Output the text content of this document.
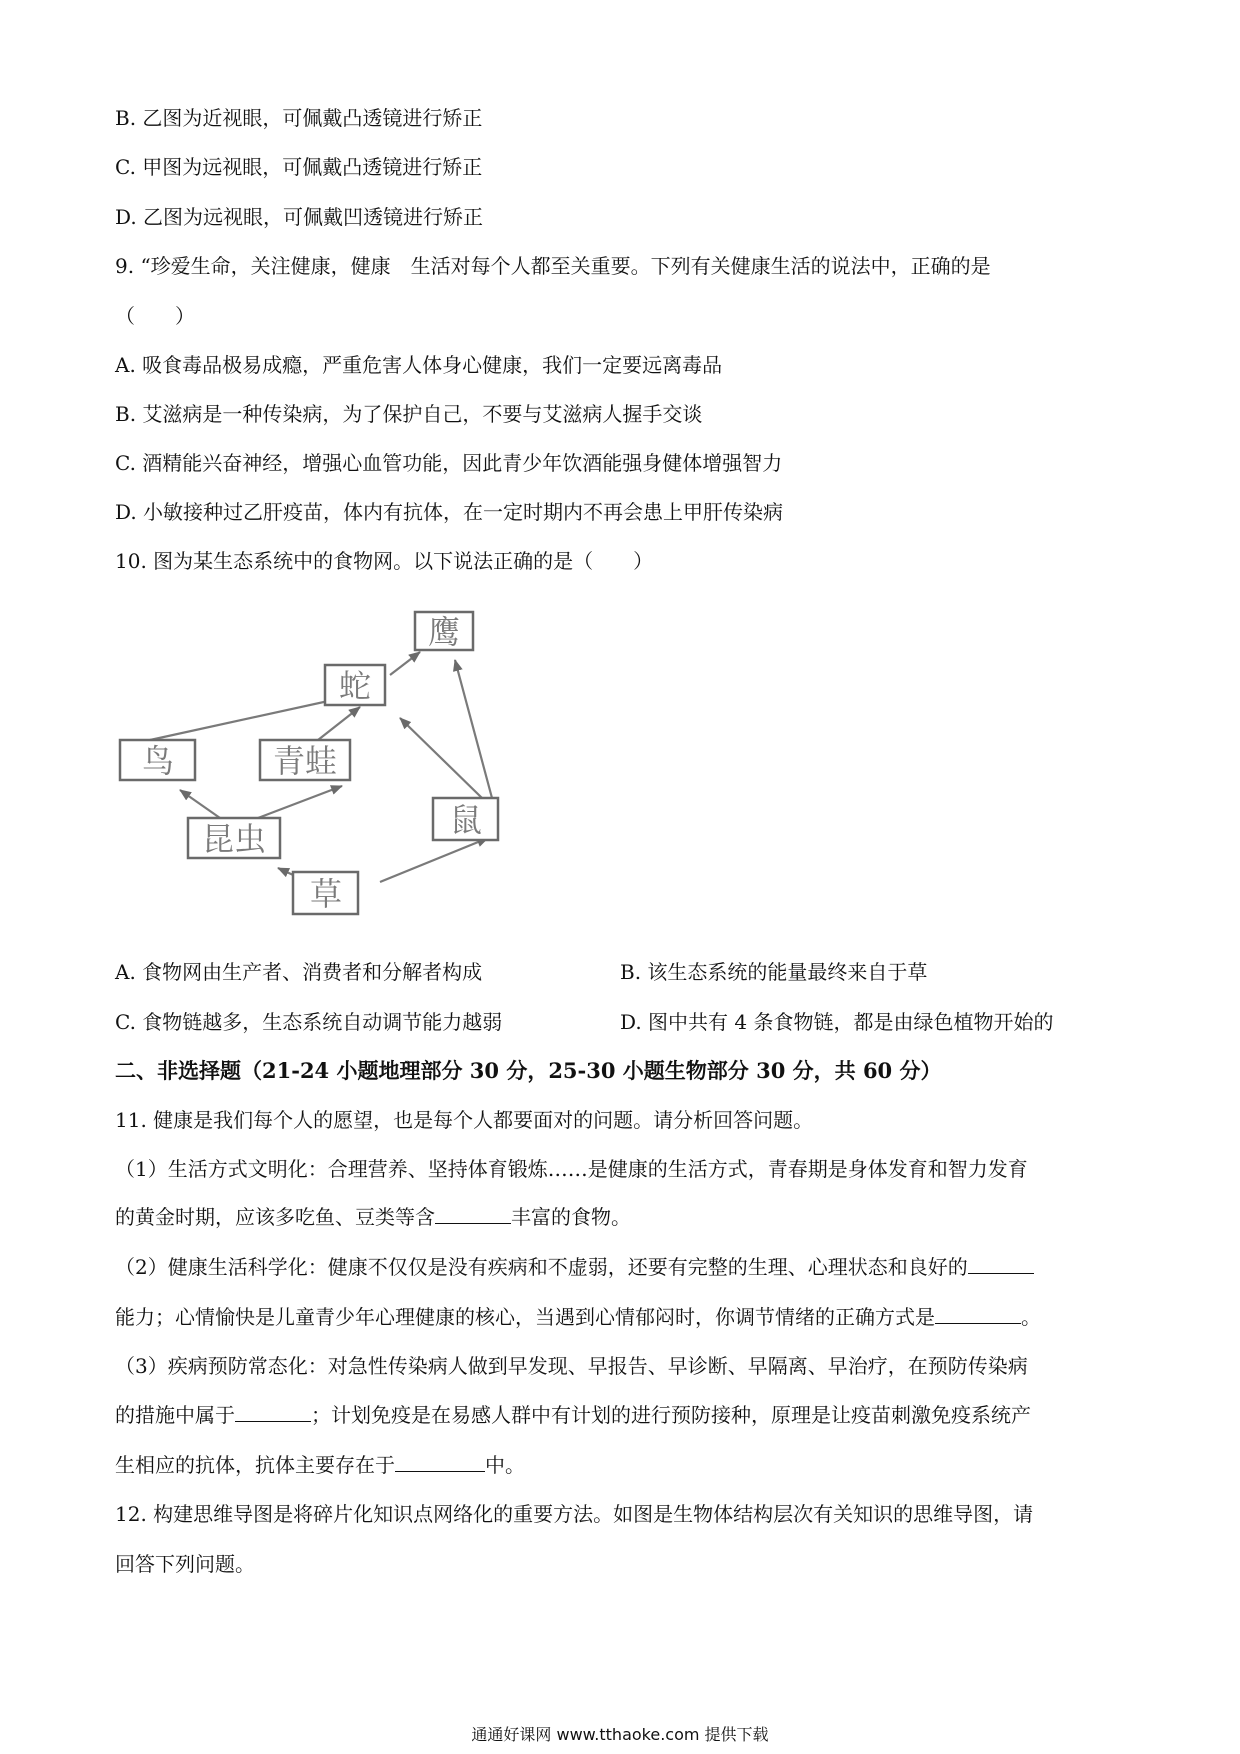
B. 乙图为近视眼，可佩戴凸透镜进行矫正
C. 甲图为远视眼，可佩戴凸透镜进行矫正
D. 乙图为远视眼，可佩戴凹透镜进行矫正
9. “珍爱生命，关注健康，健康　生活对每个人都至关重要。下列有关健康生活的说法中，正确的是
（　　）
A. 吸食毒品极易成瘾，严重危害人体身心健康，我们一定要远离毒品
B. 艾滋病是一种传染病，为了保护自己，不要与艾滋病人握手交谈
C. 酒精能兴奋神经，增强心血管功能，因此青少年饮酒能强身健体增强智力
D. 小敏接种过乙肝疫苗，体内有抗体，在一定时期内不再会患上甲肝传染病
10. 图为某生态系统中的食物网。以下说法正确的是（　　）
鹰
蛇
鸟	青蛙
昆虫	鼠
草
A. 食物网由生产者、消费者和分解者构成	B. 该生态系统的能量最终来自于草
C. 食物链越多，生态系统自动调节能力越弱	D. 图中共有 4 条食物链，都是由绿色植物开始的
二、非选择题（21-24 小题地理部分 30 分，25-30 小题生物部分 30 分，共 60 分）
11. 健康是我们每个人的愿望，也是每个人都要面对的问题。请分析回答问题。
（1）生活方式文明化：合理营养、坚持体育锻炼……是健康的生活方式，青春期是身体发育和智力发育
的黄金时期，应该多吃鱼、豆类等含	丰富的食物。
（2）健康生活科学化：健康不仅仅是没有疾病和不虚弱，还要有完整的生理、心理状态和良好的
能力；心情愉快是儿童青少年心理健康的核心，当遇到心情郁闷时，你调节情绪的正确方式是	。
（3）疾病预防常态化：对急性传染病人做到早发现、早报告、早诊断、早隔离、早治疗，在预防传染病
的措施中属于	；计划免疫是在易感人群中有计划的进行预防接种，原理是让疫苗刺激免疫系统产
生相应的抗体，抗体主要存在于	中。
12. 构建思维导图是将碎片化知识点网络化的重要方法。如图是生物体结构层次有关知识的思维导图，请
回答下列问题。
通通好课网 www.tthaoke.com 提供下载
